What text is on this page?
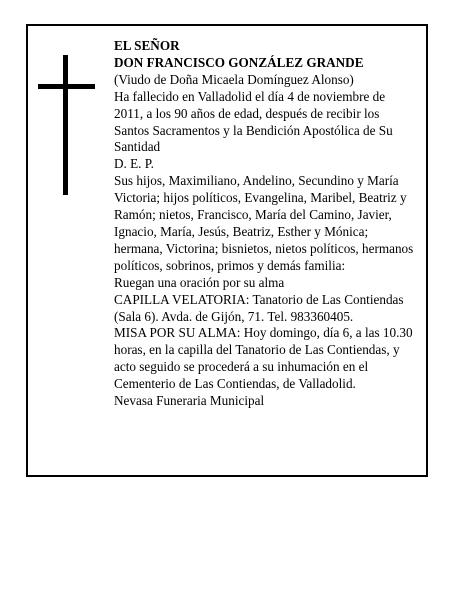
EL SEÑOR

DON FRANCISCO GONZÁLEZ GRANDE

(Viudo de Doña Micaela Domínguez Alonso)

Ha fallecido en Valladolid el día 4 de noviembre de 2011, a los 90 años de edad, después de recibir los Santos Sacramentos y la Bendición Apostólica de Su Santidad

D. E. P.

Sus hijos, Maximiliano, Andelino, Secundino y María Victoria; hijos políticos, Evangelina, Maribel, Beatriz y Ramón; nietos, Francisco, María del Camino, Javier, Ignacio, María, Jesús, Beatriz, Esther y Mónica; hermana, Victorina; bisnietos, nietos políticos, hermanos políticos, sobrinos, primos y demás familia:

Ruegan una oración por su alma

CAPILLA VELATORIA: Tanatorio de Las Contiendas (Sala 6). Avda. de Gijón, 71. Tel. 983360405.

MISA POR SU ALMA: Hoy domingo, día 6, a las 10.30 horas, en la capilla del Tanatorio de Las Contiendas, y acto seguido se procederá a su inhumación en el Cementerio de Las Contiendas, de Valladolid.

Nevasa Funeraria Municipal
